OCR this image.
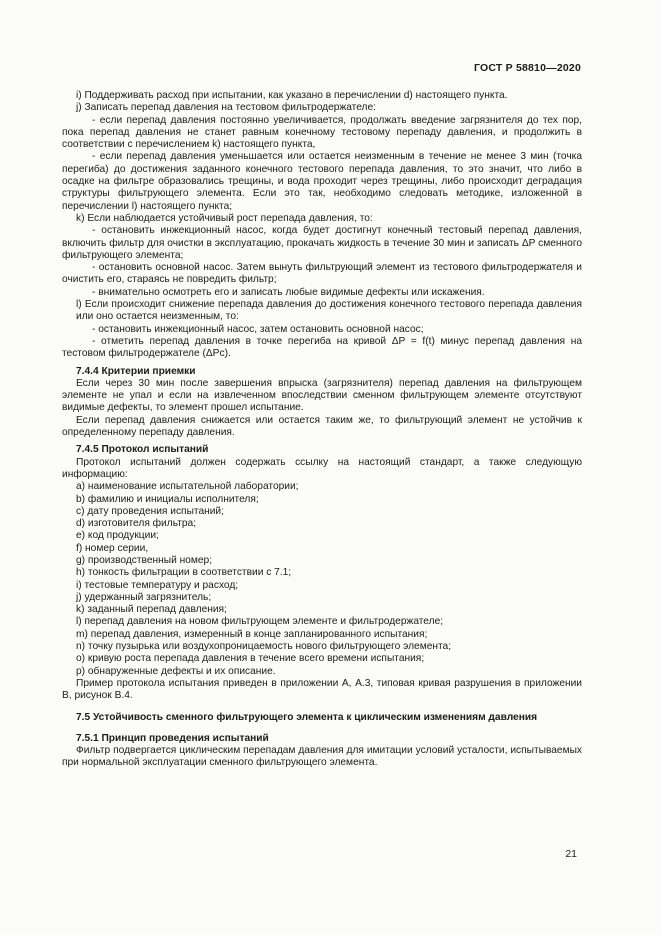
ГОСТ Р 58810—2020

i) Поддерживать расход при испытании, как указано в перечислении d) настоящего пункта.

j) Записать перепад давления на тестовом фильтродержателе:

- если перепад давления постоянно увеличивается, продолжать введение загрязнителя до тех пор, пока перепад давления не станет равным конечному тестовому перепаду давления, и продолжить в соответствии с перечислением k) настоящего пункта,

- если перепад давления уменьшается или остается неизменным в течение не менее 3 мин (точка перегиба) до достижения заданного конечного тестового перепада давления, то это значит, что либо в осадке на фильтре образовались трещины, и вода проходит через трещины, либо происходит деградация структуры фильтрующего элемента. Если это так, необходимо следовать методике, изложенной в перечислении l) настоящего пункта;

k) Если наблюдается устойчивый рост перепада давления, то:

- остановить инжекционный насос, когда будет достигнут конечный тестовый перепад давления, включить фильтр для очистки в эксплуатацию, прокачать жидкость в течение 30 мин и записать ΔP сменного фильтрующего элемента;

- остановить основной насос. Затем вынуть фильтрующий элемент из тестового фильтродержателя и очистить его, стараясь не повредить фильтр;

- внимательно осмотреть его и записать любые видимые дефекты или искажения.

l) Если происходит снижение перепада давления до достижения конечного тестового перепада давления или оно остается неизменным, то:

- остановить инжекционный насос, затем остановить основной насос;

- отметить перепад давления в точке перегиба на кривой ΔP = f(t) минус перепад давления на тестовом фильтродержателе (ΔPc).

7.4.4 Критерии приемки

Если через 30 мин после завершения впрыска (загрязнителя) перепад давления на фильтрующем элементе не упал и если на извлеченном впоследствии сменном фильтрующем элементе отсутствуют видимые дефекты, то элемент прошел испытание.

Если перепад давления снижается или остается таким же, то фильтрующий элемент не устойчив к определенному перепаду давления.

7.4.5 Протокол испытаний

Протокол испытаний должен содержать ссылку на настоящий стандарт, а также следующую информацию:

a) наименование испытательной лаборатории;

b) фамилию и инициалы исполнителя;

c) дату проведения испытаний;

d) изготовителя фильтра;

e) код продукции;

f) номер серии,

g) производственный номер;

h) тонкость фильтрации в соответствии с 7.1;

i) тестовые температуру и расход;

j) удержанный загрязнитель;

k) заданный перепад давления;

l) перепад давления на новом фильтрующем элементе и фильтродержателе;

m) перепад давления, измеренный в конце запланированного испытания;

n) точку пузырька или воздухопроницаемость нового фильтрующего элемента;

o) кривую роста перепада давления в течение всего времени испытания;

p) обнаруженные дефекты и их описание.

Пример протокола испытания приведен в приложении А, А.3, типовая кривая разрушения в приложении В, рисунок В.4.

7.5 Устойчивость сменного фильтрующего элемента к циклическим изменениям давления

7.5.1 Принцип проведения испытаний

Фильтр подвергается циклическим перепадам давления для имитации условий усталости, испытываемых при нормальной эксплуатации сменного фильтрующего элемента.

21
